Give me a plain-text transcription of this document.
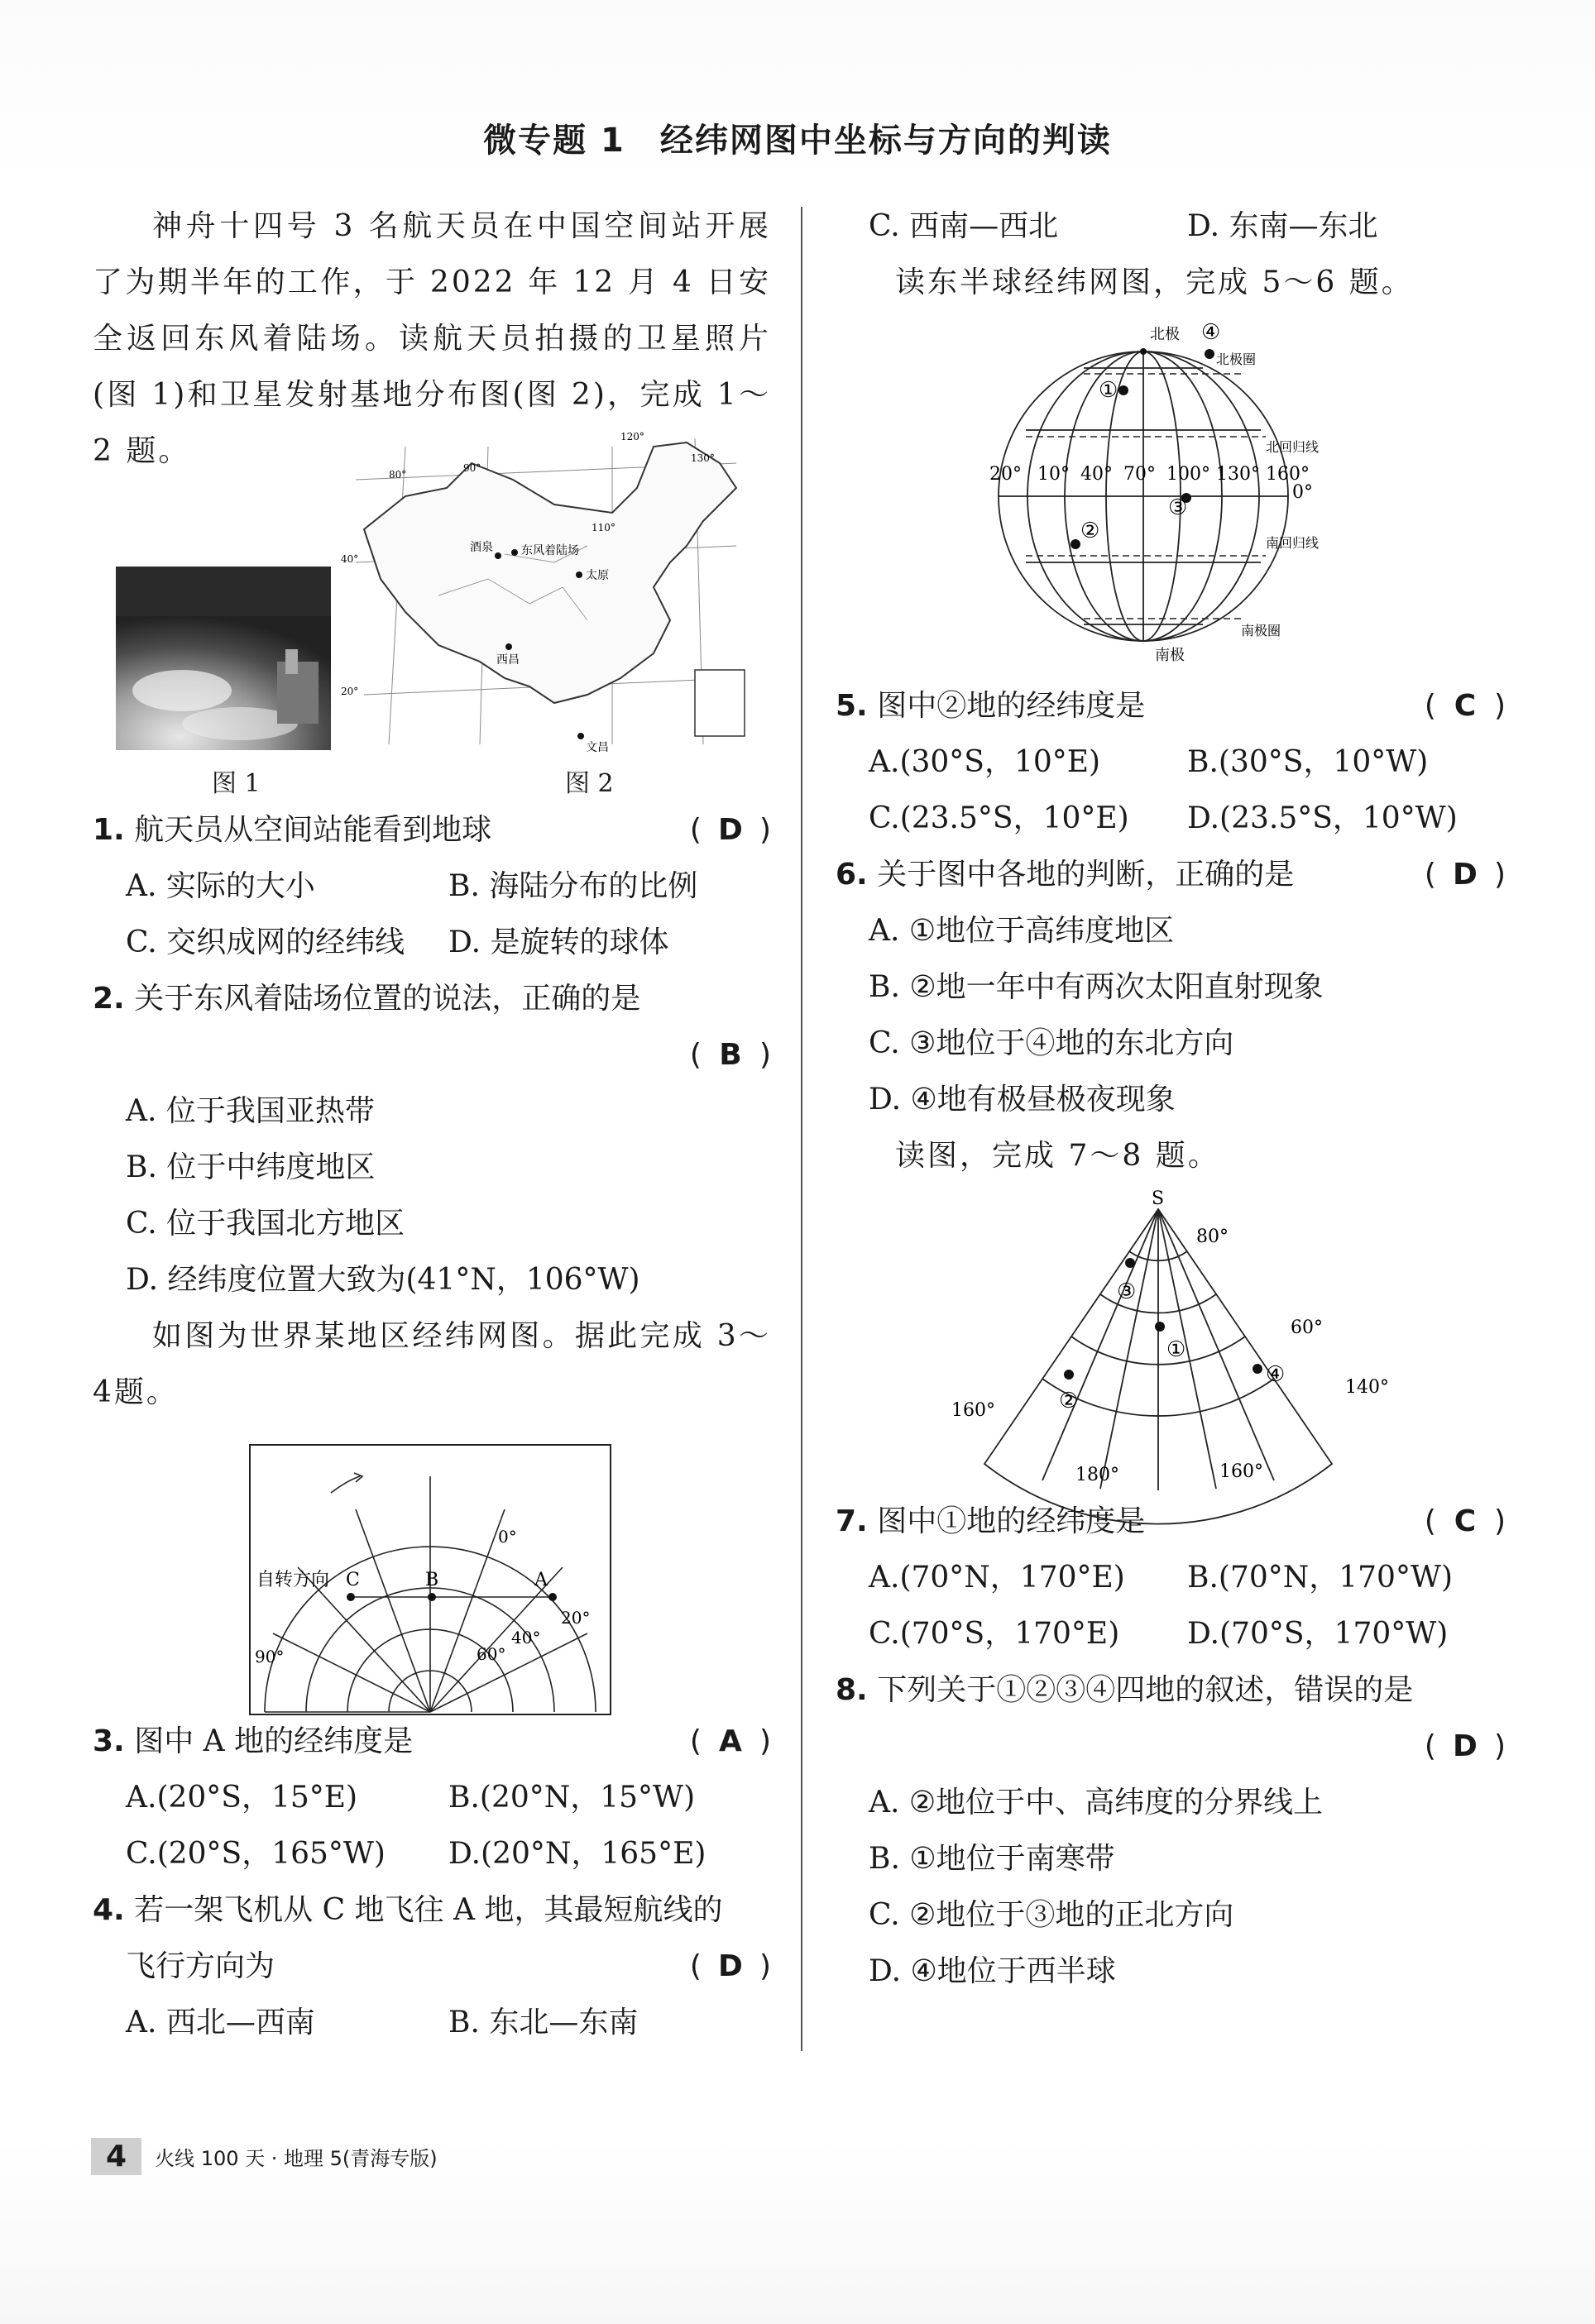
微专题 1　经纬网图中坐标与方向的判读
神舟十四号 3 名航天员在中国空间站开展了为期半年的工作，于 2022 年 12 月 4 日安全返回东风着陆场。读航天员拍摄的卫星照片(图 1)和卫星发射基地分布图(图 2)，完成 1～2 题。
图 1
酒泉 东风着陆场
太原
西昌
文昌
80°
90°
110°
120°
130°
40°
20°
图 2
1. 航天员从空间站能看到地球	( D )
A. 实际的大小	B. 海陆分布的比例
C. 交织成网的经纬线	D. 是旋转的球体
2. 关于东风着陆场位置的说法，正确的是
( B )
A. 位于我国亚热带
B. 位于中纬度地区
C. 位于我国北方地区
D. 经纬度位置大致为(41°N，106°W)
如图为世界某地区经纬网图。据此完成 3～4题。
自转方向 C	B	A
0°
90°
20°
40°
60°
3. 图中 A 地的经纬度是	( A )
A.(20°S，15°E)	B.(20°N，15°W)
C.(20°S，165°W)	D.(20°N，165°E)
4. 若一架飞机从 C 地飞往 A 地，其最短航线的
飞行方向为	( D )
A. 西北—西南	B. 东北—东南
C. 西南—西北	D. 东南—东北
读东半球经纬网图，完成 5～6 题。
北极 ④
北极圈
①
北回归线
20° 10° 40° 70° 100° 130° 160°
0°
③
②	南回归线
南极圈
南极
5. 图中②地的经纬度是	( C )
A.(30°S，10°E)	B.(30°S，10°W)
C.(23.5°S，10°E)	D.(23.5°S，10°W)
6. 关于图中各地的判断，正确的是	( D )
A. ①地位于高纬度地区
B. ②地一年中有两次太阳直射现象
C. ③地位于④地的东北方向
D. ④地有极昼极夜现象
读图，完成 7～8 题。
S
80°
③
①
60°
④
②
140°
160°
180°	160°
7. 图中①地的经纬度是	( C )
A.(70°N，170°E)	B.(70°N，170°W)
C.(70°S，170°E)	D.(70°S，170°W)
8. 下列关于①②③④四地的叙述，错误的是
( D )
A. ②地位于中、高纬度的分界线上
B. ①地位于南寒带
C. ②地位于③地的正北方向
D. ④地位于西半球
4	火线 100 天 · 地理 5(青海专版)
